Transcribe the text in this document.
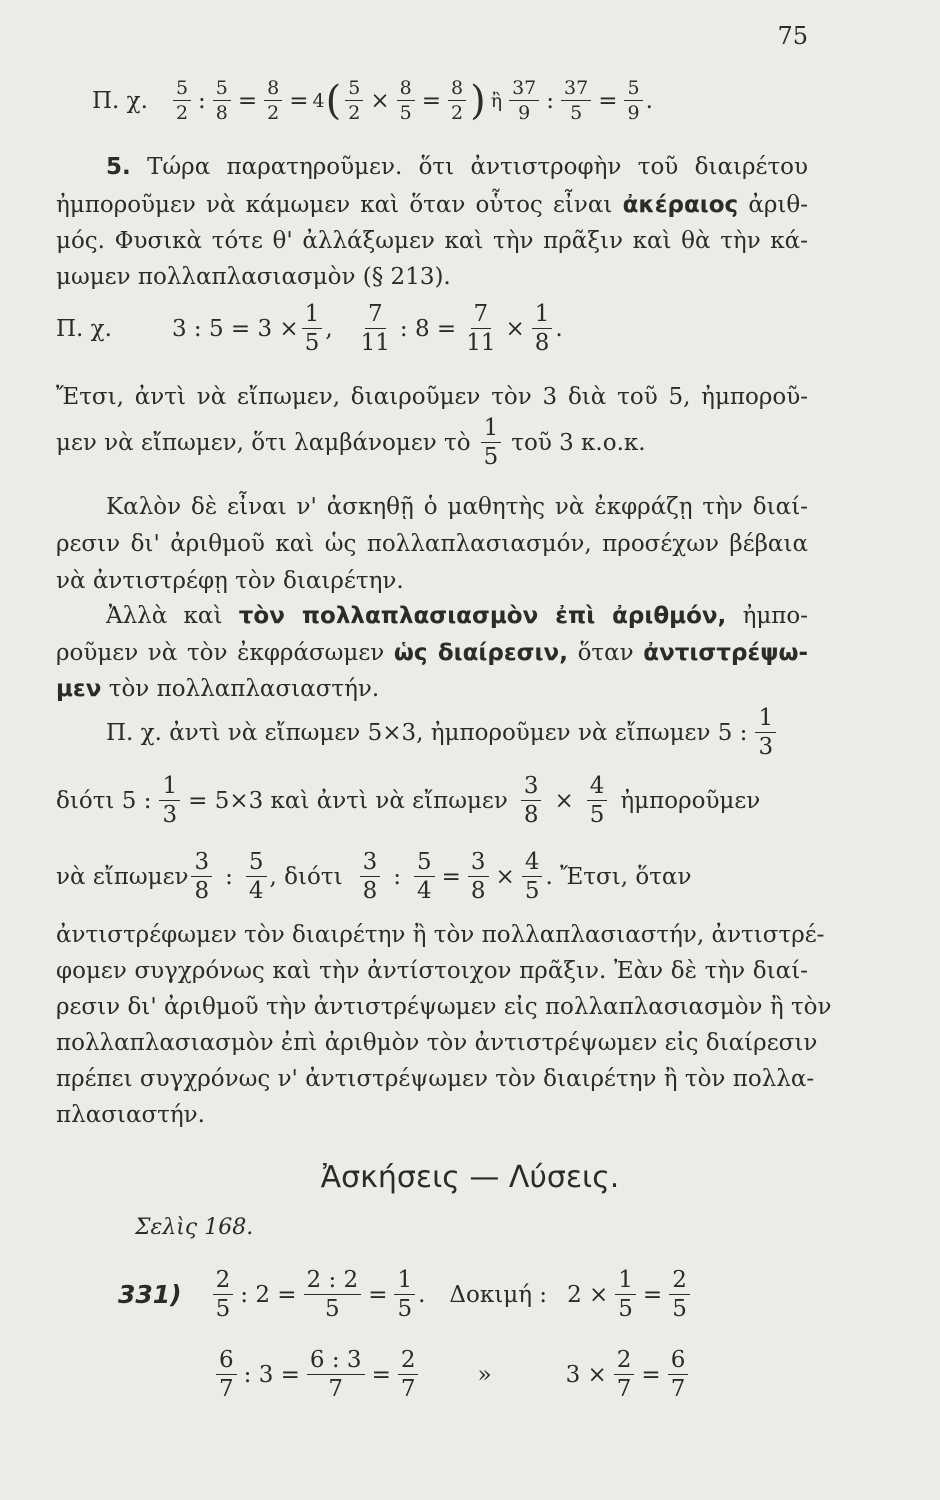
75
Π. χ. $\frac{5}{2}$ : $\frac{5}{8} = \frac{8}{2} = 4$ ( $\frac{5}{2} \times \frac{8}{5} = \frac{8}{2}$ ) ἢ $\frac{37}{9}$ : $\frac{37}{5} = \frac{5}{9}$ .
5. Τώρα παρατηροῦμεν. ὅτι ἀντιστροφὴν τοῦ διαιρέτου
ἠμποροῦμεν νὰ κάμωμεν καὶ ὅταν οὗτος εἶναι ἀκέραιος ἀριθ-
μός. Φυσικὰ τότε θ' ἀλλάξωμεν καὶ τὴν πρᾶξιν καὶ θὰ τὴν κά-
μωμεν πολλαπλασιασμὸν (§ 213).
Π. χ.	3 : $5 = 3 \times \frac{1}{5}$ , $\frac{7}{11}$ : $8 = \frac{7}{11} \times \frac{1}{8}$ .
Ἔτσι, ἀντὶ νὰ εἴπωμεν, διαιροῦμεν τὸν 3 διὰ τοῦ 5, ἠμποροῦ-
μεν νὰ εἴπωμεν, ὅτι λαμβάνομεν τὸ $\frac{1}{5}$ τοῦ 3 κ.ο.κ.
Καλὸν δὲ εἶναι ν' ἀσκηθῇ ὁ μαθητὴς νὰ ἐκφράζῃ τὴν διαί-
ρεσιν δι' ἀριθμοῦ καὶ ὡς πολλαπλασιασμόν, προσέχων βέβαια
νὰ ἀντιστρέφῃ τὸν διαιρέτην.
Ἀλλὰ καὶ τὸν πολλαπλασιασμὸν ἐπὶ ἀριθμόν, ἠμπο-
ροῦμεν νὰ τὸν ἐκφράσωμεν ὡς διαίρεσιν, ὅταν ἀντιστρέψω-
μεν τὸν πολλαπλασιαστήν.
Π. χ. ἀντὶ νὰ εἴπωμεν 5×3, ἠμποροῦμεν νὰ εἴπωμεν 5 : $\frac{1}{3}$
διότι 5 : $\frac{1}{3} = 5\times 3$ καὶ ἀντὶ νὰ εἴπωμεν $\frac{3}{8} \times \frac{4}{5}$ ἠμποροῦμεν
νὰ εἴπωμεν $\frac{3}{8}$ : $\frac{5}{4}$ , διότι $\frac{3}{8}$ : $\frac{5}{4} = \frac{3}{8} \times \frac{4}{5}$ . Ἔτσι, ὅταν
ἀντιστρέφωμεν τὸν διαιρέτην ἢ τὸν πολλαπλασιαστήν, ἀντιστρέ-
φομεν συγχρόνως καὶ τὴν ἀντίστοιχον πρᾶξιν. Ἐὰν δὲ τὴν διαί-
ρεσιν δι' ἀριθμοῦ τὴν ἀντιστρέψωμεν εἰς πολλαπλασιασμὸν ἢ τὸν
πολλαπλασιασμὸν ἐπὶ ἀριθμὸν τὸν ἀντιστρέψωμεν εἰς διαίρεσιν
πρέπει συγχρόνως ν' ἀντιστρέψωμεν τὸν διαιρέτην ἢ τὸν πολλα-
πλασιαστήν.
Ἀσκήσεις — Λύσεις.
Σελὶς 168.
$331) \frac{2}{5}$ : $2 = \frac{2 : 2}{5} = \frac{1}{5}$ . Δοκιμή : $2 \times \frac{1}{5} = \frac{2}{5}$
$\frac{6}{7}$ : $3 = \frac{6 : 3}{7} = \frac{2}{7}$	»	$3 \times \frac{2}{7} = \frac{6}{7}$
